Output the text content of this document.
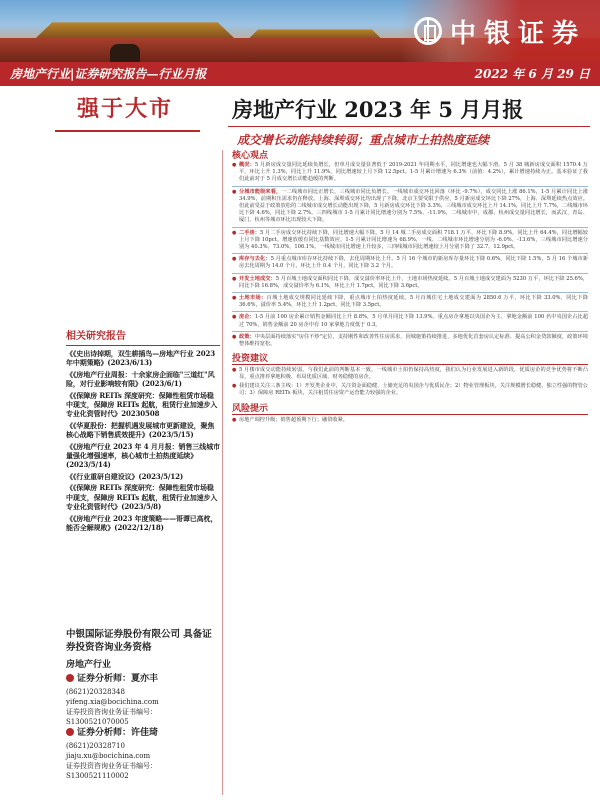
中银证券
房地产行业|证券研究报告—行业月报	2022 年 6 月 29 日
强于大市	房地产行业 2023 年 5 月月报
成交增长动能持续转弱；重点城市土拍热度延续
相关研究报告
《 《史出诗掉期，双生耕插鸟—房地产行业 2023 年中期策略》(2023/6/13)
《 《房地产行业周报：十余家房企面临"三道红"风险，对行业影响较有限》(2023/6/1)
《 《保障房 REITs 深度研究：保障性租赁市场稳中现支，保障房 REITs 起航，租赁行业加速步入专业化资管时代》20230508
《 《华夏股份：把握机遇发展城市更新建设，聚焦核心战略下销售质效提升》(2023/5/15)
《 《房地产行业 2023 年 4 月月报：销售三线城市量强化增强速率，核心城市土拍热度延续》(2023/5/14)
《 《行业重研自建设议》(2023/5/12)
《 《保障房 REITs 深度研究：保障性租赁市场稳中现支，保障房 REITs 起航，租赁行业加速步入专业化资管时代》(2023/5/8)
《 《房地产行业 2023 年度策略——哥谭已高枕，能否全解规败》(2022/12/18)
中银国际证券股份有限公司 具备证券投资咨询业务资格
房地产行业
证券分析师：夏亦丰
(8621)20328348
yifeng.xia@bocichina.com
证券投资咨询业务证书编号：S1300521070005
证券分析师：许佳琦
(8621)20328710
jiaju.xu@bocichina.com
证券投资咨询业务证书编号：S1300521110002
核心观点
● 概况：5 月新房成交量同比延续负增长，但单月成交量显著低于 2019-2021 年同期水平，同比增速也大幅下滑。5 月 38 城新房成交面积 1570.4 万平，环比上升 1.3%，同比上升 11.9%，同比增速较上月下降 12.5pct。1-5 月累计增速为 6.3%（前值：4.2%），累计增速持续为正。基本验证了我们此前对于 5 月成交增长动能趋缓的判断。
● 分城市能级来看，一二线城市同比正增长，三线城市同比负增长。一线城市成交环比回落（环比 -9.7%），成交同比上涨 86.1%，1-5 月累计同比上涨 34.9%，前期积压需求仍在释放。上海、深圳成交环比均出现了下降，北京主要受限于供应，5 月新房成交环比下降 27%，上海、深圳延续热点效应。但此前受益于政策放松的二线城市成交增长动能出现下降，5 月新房成交环比下降 3.3%，三线城市成交环比上升 14.1%，同比上升 7.7%，二线城市环比下降 4.6%，同比下降 2.7%。三四线城市 1-5 月累计同比增速分别为 7.5%、-11.9%，二线城市中，成都、杭州成交量同比增长，而武汉、青岛、厦门、杭州等城市环比出现较大下降。
● 二手房：5 月二手房成交环比持续下降，同比增速大幅下降。5 月 14 城二手房成交面积 718.1 万平，环比下降 8.9%，同比上升 64.4%，同比增幅较上月下降 10pct。增速放缓有同比基数效应，1-5 月累计同比增速为 68.9%，一线、二线城市环比增速分别为 -6.0%、-13.6%，三线城市同比增速分别为 40.3%、73.0%、106.1%。一线城市同比增速上升较多，三四线城市同比增速较上月分别下降了 32.7、12.9pct。
● 库存与去化：5 月重点城市库存环比持续下降，去化周期环比上升。5 月 16 个城市的新房库存量环比下降 0.6%，同比下降 1.5%，5 月 16 个城市新房去化周期为 14.0 个月，环比上升 0.4 个月，同比下降 3.2 个月。
● 开发土地成交：5 月百城土地成交面积同比下降，成交溢价率环比上升，土地市场热度延续。5 月百城土地成交建面为 5230 万平，环比下降 25.6%，同比下降 16.8%，成交溢价率为 6.1%，环比上升 1.7pct，同比下降 3.6pct。
● 土地市场：百城土地成交规模同比延续下降，重点城市土拍热度延续。5 月百城住宅土地成交建面为 2850.6 万平，环比下降 33.0%，同比下降 36.6%，溢价率 5.4%，环比上升 1.2pct，同比下降 3.5pct。
● 房企：1-5 月前 100 房企累计销售金额同比上升 8.8%，5 月单月同比下降 13.9%。重点房企拿地以央国企为主，拿地金额前 100 名中央国企占比超过 70%，销售金额前 20 房企中有 10 家拿地力度低于 0.3。
● 政策：中央层面持续落实"房住不炒"定位，支持刚性和改善性住房需求，因城施策持续推进，多地优化首套房认定标准、提高公积金贷款额度，政策环境整体维持宽松。
投资建议
● 5 月楼市成交动能持续转弱，与我们此前的判断基本一致，一线城市土拍仍保持高热度，我们认为行业发展进入新阶段，优质房企的竞争优势将不断凸显，重点推荐拿地积极、布局优质区域、财务稳健的房企。
● 我们建议关注三条主线：1）开发类企业中，关注资金面稳健、土储充足的央国企与优质民企；2）物业管理板块，关注规模增长稳健、独立性强的物管公司；3）保障房 REITs 板块，关注租赁住房资产运营能力较强的企业。
风险提示
● 房地产调控升级；销售超预期下行；融资收紧。
